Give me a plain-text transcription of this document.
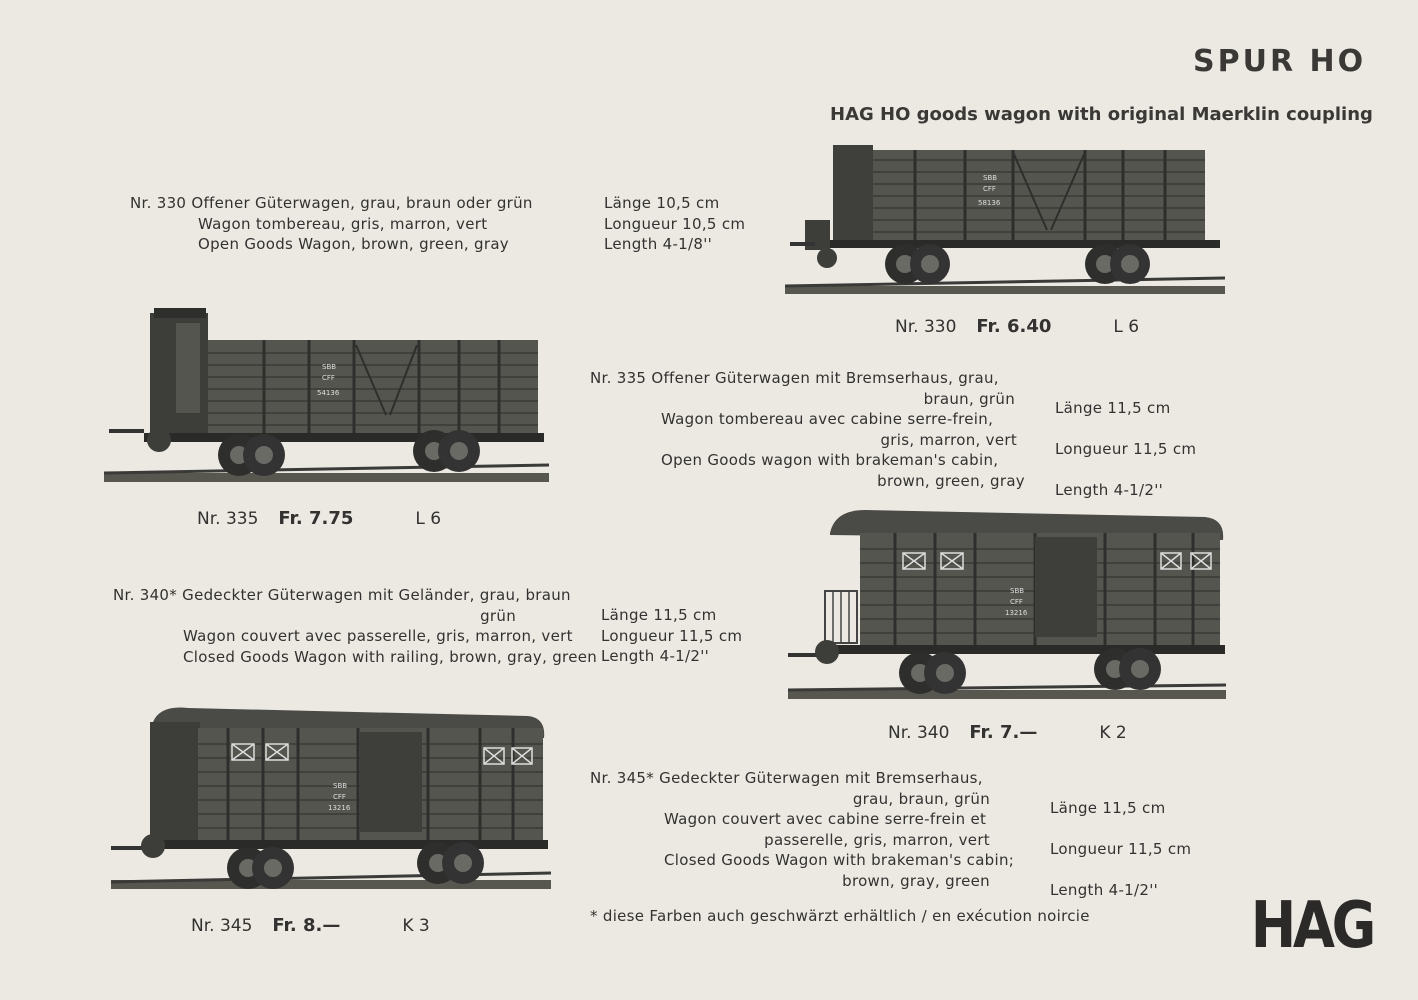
SPUR HO
HAG HO goods wagon with original Maerklin coupling
Nr. 330 Offener Güterwagen, grau, braun oder grün
Wagon tombereau, gris, marron, vert
Open Goods Wagon, brown, green, gray
Länge 10,5 cm
Longueur 10,5 cm
Length 4-1/8''
SBB
CFF
58136
Nr. 330 Fr. 6.40	L 6
SBB
CFF
54136
Nr. 335 Fr. 7.75	L 6
Nr. 335 Offener Güterwagen mit Bremserhaus, grau,
braun, grün
Wagon tombereau avec cabine serre-frein,
gris, marron, vert
Open Goods wagon with brakeman's cabin,
brown, green, gray
Länge 11,5 cm
Longueur 11,5 cm
Length 4-1/2''
Nr. 340* Gedeckter Güterwagen mit Geländer, grau, braun
grün
Wagon couvert avec passerelle, gris, marron, vert
Closed Goods Wagon with railing, brown, gray, green
Länge 11,5 cm
Longueur 11,5 cm
Length 4-1/2''
SBB
CFF
13216
Nr. 340 Fr. 7.—	K 2
SBB
CFF
13216
Nr. 345 Fr. 8.—	K 3
Nr. 345* Gedeckter Güterwagen mit Bremserhaus,
grau, braun, grün
Wagon couvert avec cabine serre-frein et
passerelle, gris, marron, vert
Closed Goods Wagon with brakeman's cabin;
brown, gray, green
Länge 11,5 cm
Longueur 11,5 cm
Length 4-1/2''
* diese Farben auch geschwärzt erhältlich / en exécution noircie	HAG
